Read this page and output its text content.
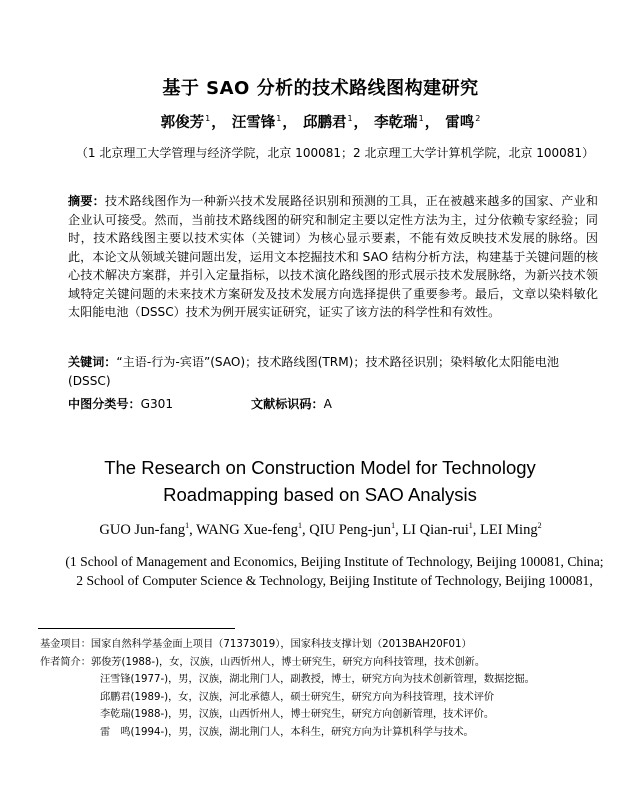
基于 SAO 分析的技术路线图构建研究
郭俊芳$^1$， 汪雪锋$^1$， 邱鹏君$^1$， 李乾瑞$^1$， 雷鸣$^2$
（1 北京理工大学管理与经济学院，北京 100081；2 北京理工大学计算机学院，北京 100081）
摘要：技术路线图作为一种新兴技术发展路径识别和预测的工具，正在被越来越多的国家、产业和企业认可接受。然而，当前技术路线图的研究和制定主要以定性方法为主，过分依赖专家经验；同时，技术路线图主要以技术实体（关键词）为核心显示要素，不能有效反映技术发展的脉络。因此，本论文从领域关键问题出发，运用文本挖掘技术和 SAO 结构分析方法，构建基于关键问题的核心技术解决方案群，并引入定量指标，以技术演化路线图的形式展示技术发展脉络，为新兴技术领域特定关键问题的未来技术方案研发及技术发展方向选择提供了重要参考。最后，文章以染料敏化太阳能电池（DSSC）技术为例开展实证研究，证实了该方法的科学性和有效性。
关键词：“主语-行为-宾语”(SAO)；技术路线图(TRM)；技术路径识别；染料敏化太阳能电池(DSSC)
中图分类号：G301	文献标识码：A
The Research on Construction Model for Technology Roadmapping based on SAO Analysis
GUO Jun-fang$^1$, WANG Xue-feng$^1$, QIU Peng-jun$^1$, LI Qian-rui$^1$, LEI Ming$^2$
(1 School of Management and Economics, Beijing Institute of Technology, Beijing 100081, China;
2 School of Computer Science & Technology, Beijing Institute of Technology, Beijing 100081,
基金项目：国家自然科学基金面上项目（71373019），国家科技支撑计划（2013BAH20F01）
作者简介：郭俊芳(1988-)，女，汉族，山西忻州人，博士研究生，研究方向科技管理，技术创新。
汪雪锋(1977-)，男，汉族，湖北荆门人，副教授，博士，研究方向为技术创新管理，数据挖掘。
邱鹏君(1989-)，女，汉族，河北承德人，硕士研究生，研究方向为科技管理，技术评价
李乾瑞(1988-)，男，汉族，山西忻州人，博士研究生，研究方向创新管理，技术评价。
雷　鸣(1994-)，男，汉族，湖北荆门人，本科生，研究方向为计算机科学与技术。
